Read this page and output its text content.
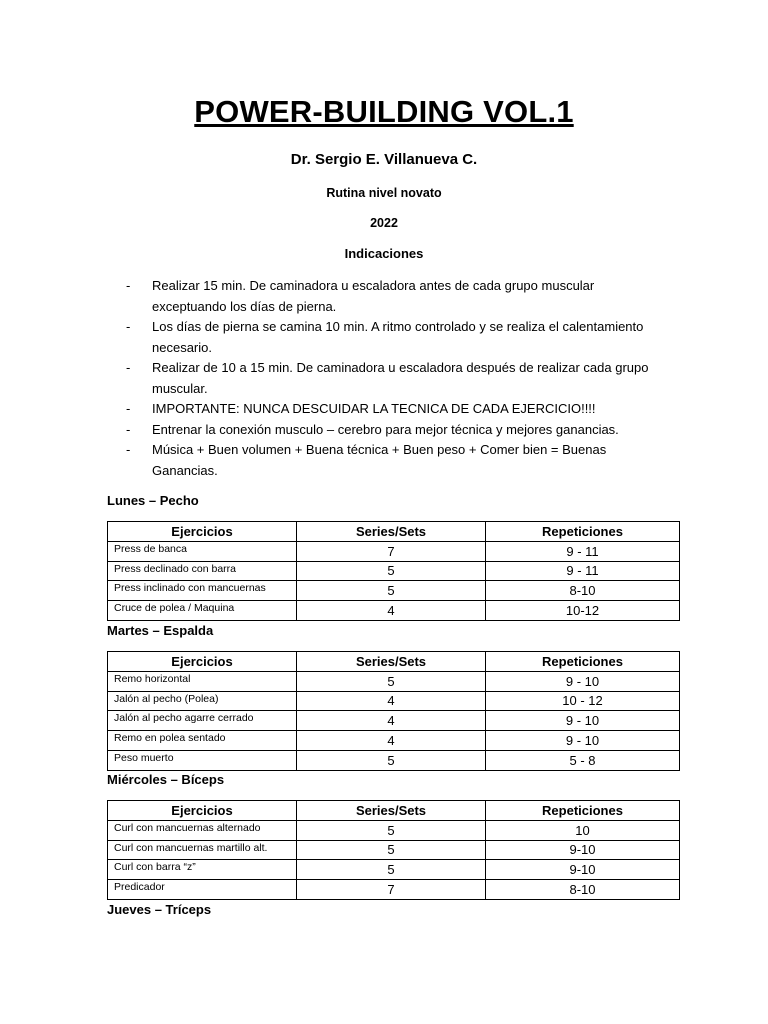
POWER-BUILDING VOL.1
Dr. Sergio E. Villanueva C.
Rutina nivel novato
2022
Indicaciones
- Realizar 15 min. De caminadora u escaladora antes de cada grupo muscular exceptuando los días de pierna.
- Los días de pierna se camina 10 min. A ritmo controlado y se realiza el calentamiento necesario.
- Realizar de 10 a 15 min. De caminadora u escaladora después de realizar cada grupo muscular.
- IMPORTANTE: NUNCA DESCUIDAR LA TECNICA DE CADA EJERCICIO!!!!
- Entrenar la conexión musculo – cerebro para mejor técnica y mejores ganancias.
- Música + Buen volumen + Buena técnica + Buen peso + Comer bien = Buenas Ganancias.
Lunes – Pecho
Ejercicios	Series/Sets	Repeticiones
Press de banca	7	9 - 11
Press declinado con barra	5	9 - 11
Press inclinado con mancuernas	5	8-10
Cruce de polea / Maquina	4	10-12
Martes – Espalda
Ejercicios	Series/Sets	Repeticiones
Remo horizontal	5	9 - 10
Jalón al pecho (Polea)	4	10 - 12
Jalón al pecho agarre cerrado	4	9 - 10
Remo en polea sentado	4	9 - 10
Peso muerto	5	5 - 8
Miércoles – Bíceps
Ejercicios	Series/Sets	Repeticiones
Curl con mancuernas alternado	5	10
Curl con mancuernas martillo alt.	5	9-10
Curl con barra “z”	5	9-10
Predicador	7	8-10
Jueves – Tríceps
